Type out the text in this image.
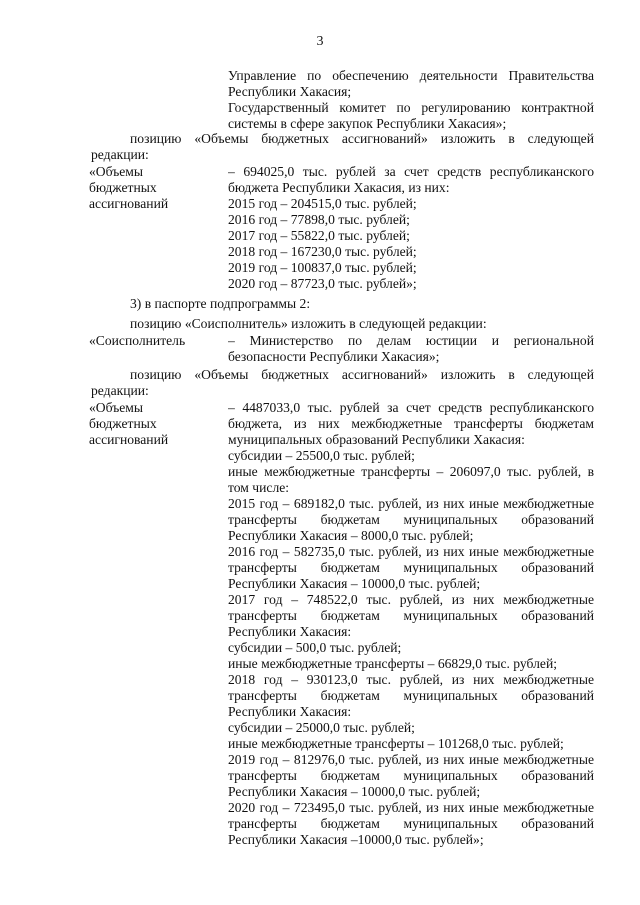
3
Управление по обеспечению деятельности Правительства
Республики Хакасия;
Государственный комитет по регулированию контрактной
системы в сфере закупок Республики Хакасия»;
позицию «Объемы бюджетных ассигнований» изложить в следующей
редакции:
«Объемы
бюджетных
ассигнований
– 694025,0 тыс. рублей за счет средств республиканского
бюджета Республики Хакасия, из них:
2015 год – 204515,0 тыс. рублей;
2016 год – 77898,0 тыс. рублей;
2017 год – 55822,0 тыс. рублей;
2018 год – 167230,0 тыс. рублей;
2019 год – 100837,0 тыс. рублей;
2020 год – 87723,0 тыс. рублей»;
3) в паспорте подпрограммы 2:
позицию «Соисполнитель» изложить в следующей редакции:
«Соисполнитель	– Министерство по делам юстиции и региональной
безопасности Республики Хакасия»;
позицию «Объемы бюджетных ассигнований» изложить в следующей
редакции:
«Объемы
бюджетных
ассигнований
– 4487033,0 тыс. рублей за счет средств республиканского
бюджета, из них межбюджетные трансферты бюджетам
муниципальных образований Республики Хакасия:
субсидии – 25500,0 тыс. рублей;
иные межбюджетные трансферты – 206097,0 тыс. рублей, в
том числе:
2015 год – 689182,0 тыс. рублей, из них иные межбюджетные
трансферты бюджетам муниципальных образований
Республики Хакасия – 8000,0 тыс. рублей;
2016 год – 582735,0 тыс. рублей, из них иные межбюджетные
трансферты бюджетам муниципальных образований
Республики Хакасия – 10000,0 тыс. рублей;
2017 год – 748522,0 тыс. рублей, из них межбюджетные
трансферты бюджетам муниципальных образований
Республики Хакасия:
субсидии – 500,0 тыс. рублей;
иные межбюджетные трансферты – 66829,0 тыс. рублей;
2018 год – 930123,0 тыс. рублей, из них межбюджетные
трансферты бюджетам муниципальных образований
Республики Хакасия:
субсидии – 25000,0 тыс. рублей;
иные межбюджетные трансферты – 101268,0 тыс. рублей;
2019 год – 812976,0 тыс. рублей, из них иные межбюджетные
трансферты бюджетам муниципальных образований
Республики Хакасия – 10000,0 тыс. рублей;
2020 год – 723495,0 тыс. рублей, из них иные межбюджетные
трансферты бюджетам муниципальных образований
Республики Хакасия –10000,0 тыс. рублей»;
